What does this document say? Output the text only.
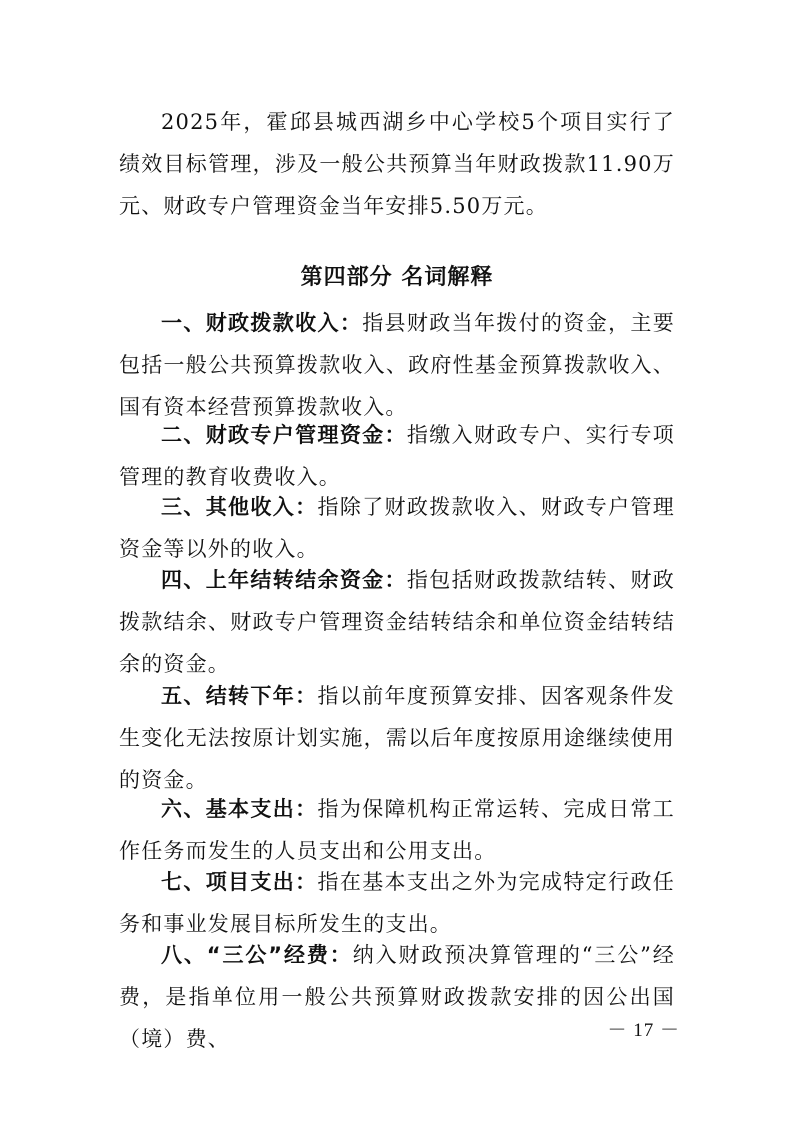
2025年，霍邱县城西湖乡中心学校5个项目实行了绩效目标管理，涉及一般公共预算当年财政拨款11.90万元、财政专户管理资金当年安排5.50万元。

第四部分 名词解释

一、财政拨款收入：指县财政当年拨付的资金，主要包括一般公共预算拨款收入、政府性基金预算拨款收入、国有资本经营预算拨款收入。

二、财政专户管理资金：指缴入财政专户、实行专项管理的教育收费收入。

三、其他收入：指除了财政拨款收入、财政专户管理资金等以外的收入。

四、上年结转结余资金：指包括财政拨款结转、财政拨款结余、财政专户管理资金结转结余和单位资金结转结余的资金。

五、结转下年：指以前年度预算安排、因客观条件发生变化无法按原计划实施，需以后年度按原用途继续使用的资金。

六、基本支出：指为保障机构正常运转、完成日常工作任务而发生的人员支出和公用支出。

七、项目支出：指在基本支出之外为完成特定行政任务和事业发展目标所发生的支出。

八、“三公”经费：纳入财政预决算管理的“三公”经费，是指单位用一般公共预算财政拨款安排的因公出国（境）费、	－ 17 －
